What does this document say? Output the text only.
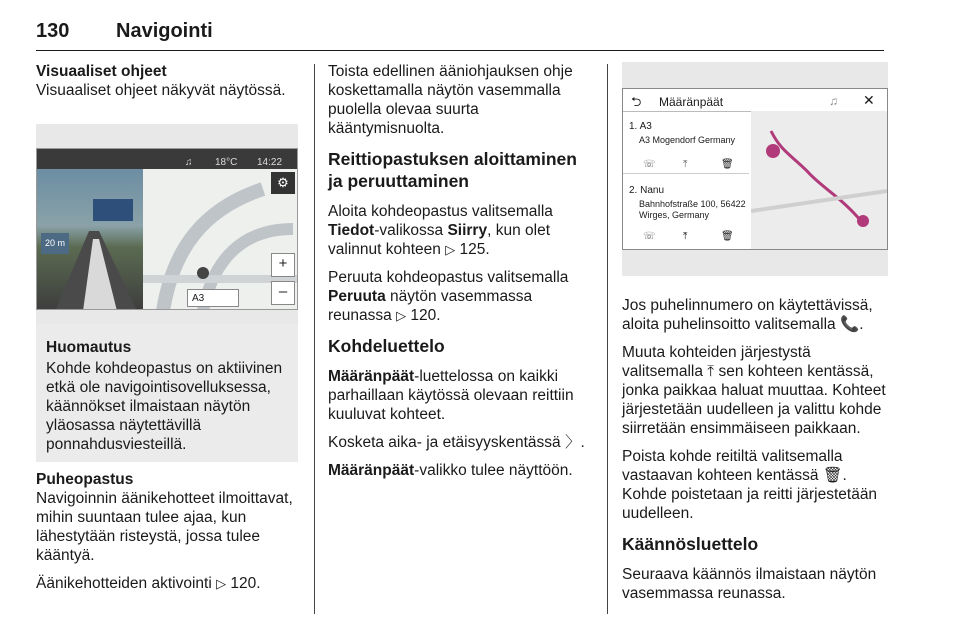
130 Navigointi
Visuaaliset ohjeet
Visuaaliset ohjeet näkyvät näytössä.
♫ 18°C 14:22
20 m
⚙
+
–
A3
Huomautus
Kohde kohdeopastus on aktiivinen etkä ole navigointisovelluksessa, käännökset ilmaistaan näytön yläosassa näytettävillä ponnahdusviesteillä.
Puheopastus

Navigoinnin äänikehotteet ilmoittavat, mihin suuntaan tulee ajaa, kun lähestytään risteystä, jossa tulee kääntyä.

Äänikehotteiden aktivointi ▷ 120.

Toista edellinen ääniohjauksen ohje koskettamalla näytön vasemmalla puolella olevaa suurta kääntymisnuolta.

Reittiopastuksen aloittaminen ja peruuttaminen

Aloita kohdeopastus valitsemalla Tiedot-valikossa Siirry, kun olet valinnut kohteen ▷ 125.

Peruuta kohdeopastus valitsemalla Peruuta näytön vasemmassa reunassa ▷ 120.

Kohdeluettelo

Määränpäät-luettelossa on kaikki parhaillaan käytössä olevaan reittiin kuuluvat kohteet.

Kosketa aika- ja etäisyyskentässä 〉.

Määränpäät-valikko tulee näyttöön.

⮌ Määränpäät	♫ ✕
1. A3
A3 Mogendorf Germany
☏	⤒	🗑
2. Nanu
Bahnhofstraße 100, 56422
Wirges, Germany
☏	⤒	🗑

Jos puhelinnumero on käytettävissä, aloita puhelinsoitto valitsemalla 📞.

Muuta kohteiden järjestystä valitsemalla ⤒ sen kohteen kentässä, jonka paikkaa haluat muuttaa. Kohteet järjestetään uudelleen ja valittu kohde siirretään ensimmäiseen paikkaan.

Poista kohde reitiltä valitsemalla vastaavan kohteen kentässä 🗑. Kohde poistetaan ja reitti järjestetään uudelleen.

Käännösluettelo

Seuraava käännös ilmaistaan näytön vasemmassa reunassa.
